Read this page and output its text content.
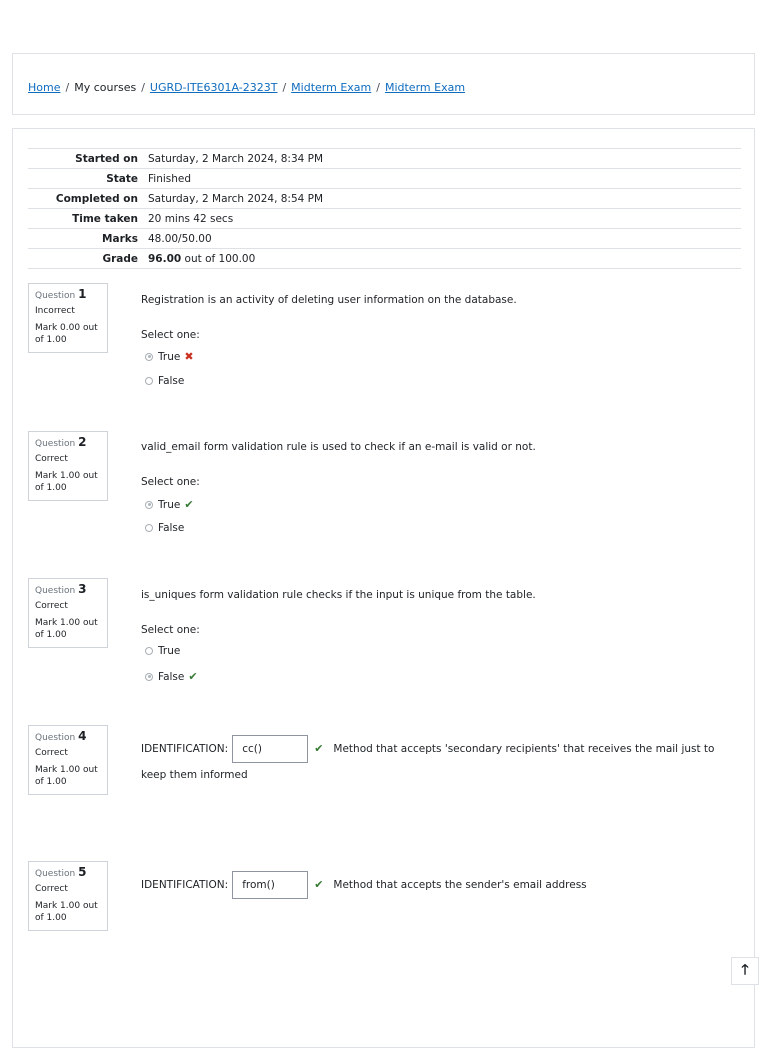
Home / My courses / UGRD-ITE6301A-2323T / Midterm Exam / Midterm Exam
Started on	Saturday, 2 March 2024, 8:34 PM
State	Finished
Completed on	Saturday, 2 March 2024, 8:54 PM
Time taken	20 mins 42 secs
Marks	48.00/50.00
Grade	96.00 out of 100.00
Question 1
Incorrect
Mark 0.00 out of 1.00
Registration is an activity of deleting user information on the database.
Select one:
True ✖
False
Question 2
Correct
Mark 1.00 out of 1.00
valid_email form validation rule is used to check if an e-mail is valid or not.
Select one:
True ✔
False
Question 3
Correct
Mark 1.00 out of 1.00
is_uniques form validation rule checks if the input is unique from the table.
Select one:
True
False ✔
Question 4
Correct
Mark 1.00 out of 1.00
IDENTIFICATION: cc()	✔ Method that accepts 'secondary recipients' that receives the mail just to keep them informed
Question 5
Correct
Mark 1.00 out of 1.00
IDENTIFICATION: from()	✔ Method that accepts the sender's email address
🡑
